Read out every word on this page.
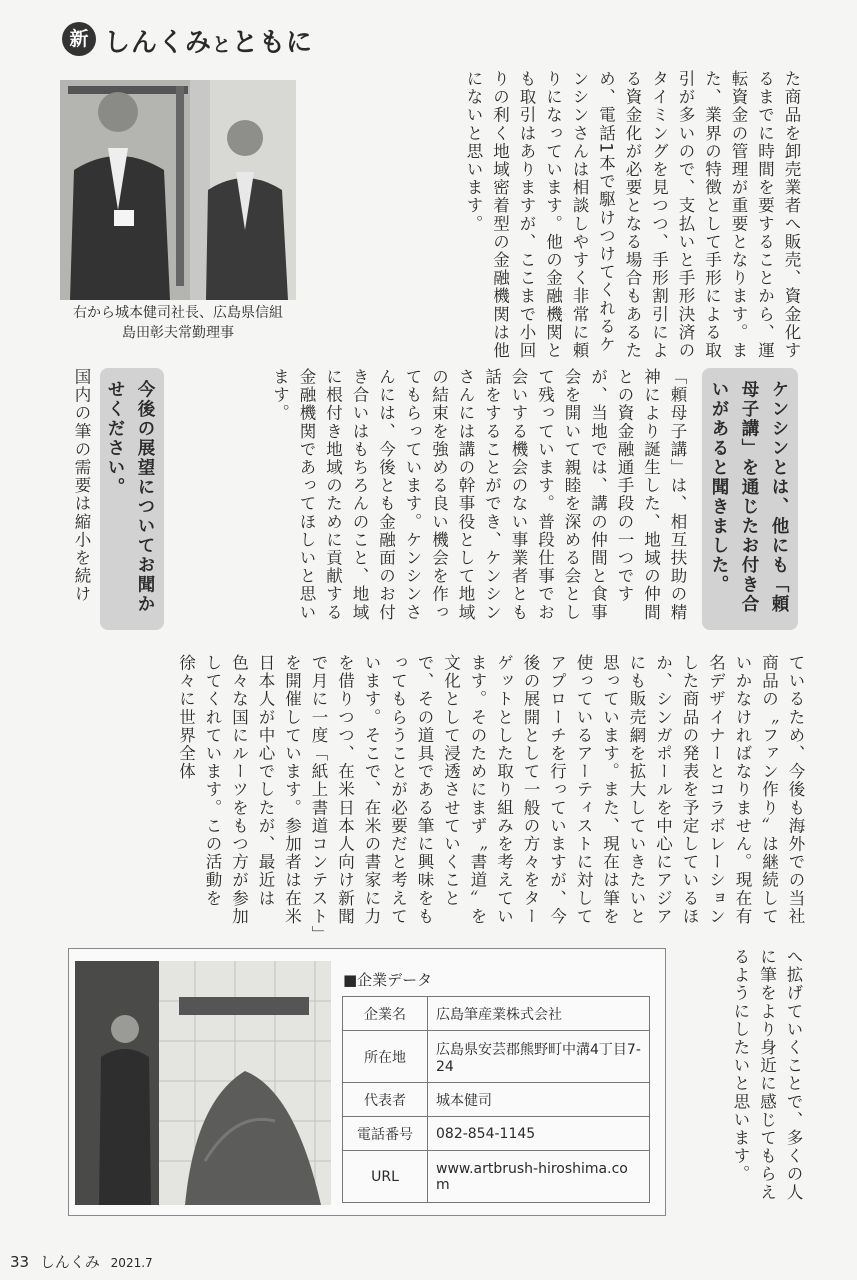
新 しんくみとともに
右から城本健司社長、広島県信組
島田彰夫常勤理事	た商品を卸売業者へ販売、資金化するまでに時間を要することから、運転資金の管理が重要となります。また、業界の特徴として手形による取引が多いので、支払いと手形決済のタイミングを見つつ、手形割引による資金化が必要となる場合もあるため、電話1本で駆けつけてくれるケンシンさんは相談しやすく非常に頼りになっています。他の金融機関とも取引はありますが、ここまで小回りの利く地域密着型の金融機関は他にないと思います。
ケンシンとは、他にも「頼母子講」を通じたお付き合いがあると聞きました。
「頼母子講」は、相互扶助の精神により誕生した、地域の仲間との資金融通手段の一つですが、当地では、講の仲間と食事会を開いて親睦を深める会として残っています。普段仕事でお会いする機会のない事業者とも話をすることができ、ケンシンさんには講の幹事役として地域の結束を強める良い機会を作ってもらっています。ケンシンさんには、今後とも金融面のお付き合いはもちろんのこと、地域に根付き地域のために貢献する金融機関であってほしいと思います。
今後の展望についてお聞かせください。
国内の筆の需要は縮小を続け
ているため、今後も海外での当社商品の〝ファン作り〟は継続していかなければなりません。現在有名デザイナーとコラボレーションした商品の発表を予定しているほか、シンガポールを中心にアジアにも販売網を拡大していきたいと思っています。また、現在は筆を使っているアーティストに対してアプローチを行っていますが、今後の展開として一般の方々をターゲットとした取り組みを考えています。そのためにまず〝書道〟を文化として浸透させていくことで、その道具である筆に興味をもってもらうことが必要だと考えています。そこで、在米の書家に力を借りつつ、在米日本人向け新聞で月に一度「紙上書道コンテスト」を開催しています。参加者は在米日本人が中心でしたが、最近は色々な国にルーツをもつ方が参加してくれています。この活動を徐々に世界全体
へ拡げていくことで、多くの人に筆をより身近に感じてもらえるようにしたいと思います。
■企業データ
企業名	広島筆産業株式会社
所在地	広島県安芸郡熊野町中溝4丁目7-24
代表者	城本健司
電話番号	082-854-1145
URL	www.artbrush-hiroshima.com
33 しんくみ 2021.7
